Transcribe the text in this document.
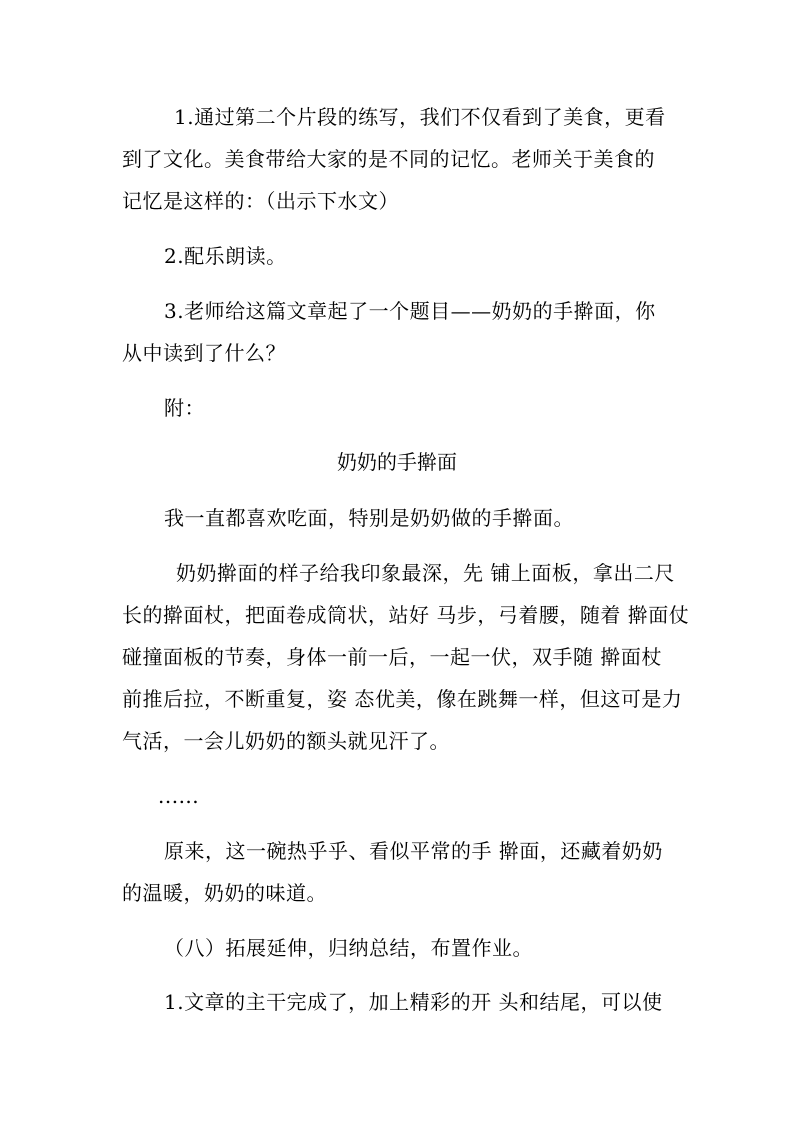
1.通过第二个片段的练写，我们不仅看到了美食，更看
到了文化。美食带给大家的是不同的记忆。老师关于美食的
记忆是这样的：（出示下水文）
2.配乐朗读。
3.老师给这篇文章起了一个题目——奶奶的手擀面，你
从中读到了什么？
附：
奶奶的手擀面
我一直都喜欢吃面，特别是奶奶做的手擀面。
奶奶擀面的样子给我印象最深，先 铺上面板，拿出二尺
长的擀面杖，把面卷成筒状，站好 马步，弓着腰，随着 擀面仗
碰撞面板的节奏，身体一前一后，一起一伏，双手随 擀面杖
前推后拉，不断重复，姿 态优美，像在跳舞一样，但这可是力
气活，一会儿奶奶的额头就见汗了。
......
原来，这一碗热乎乎、看似平常的手 擀面，还藏着奶奶
的温暖，奶奶的味道。
（八）拓展延伸，归纳总结，布置作业。
1.文章的主干完成了，加上精彩的开 头和结尾，可以使
